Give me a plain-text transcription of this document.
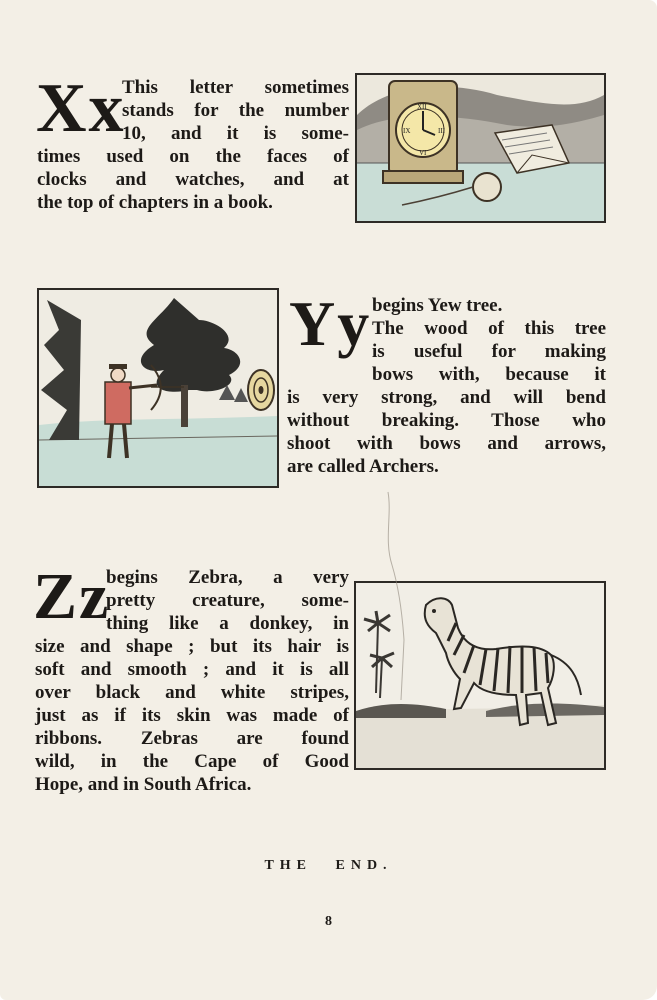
Xx
This letter sometimes
stands for the number
10, and it is some-
times used on the faces of
clocks and watches, and at
the top of chapters in a book.
XII
IX	III
VI
Yy begins Yew tree.
The wood of this tree
is useful for making
bows with, because it
is very strong, and will bend
without breaking. Those who
shoot with bows and arrows,
are called Archers.
Zz
begins Zebra, a very
pretty creature, some-
thing like a donkey, in
size and shape ; but its hair is
soft and smooth ; and it is all
over black and white stripes,
just as if its skin was made of
ribbons. Zebras are found
wild, in the Cape of Good
Hope, and in South Africa.
THE END.
8
